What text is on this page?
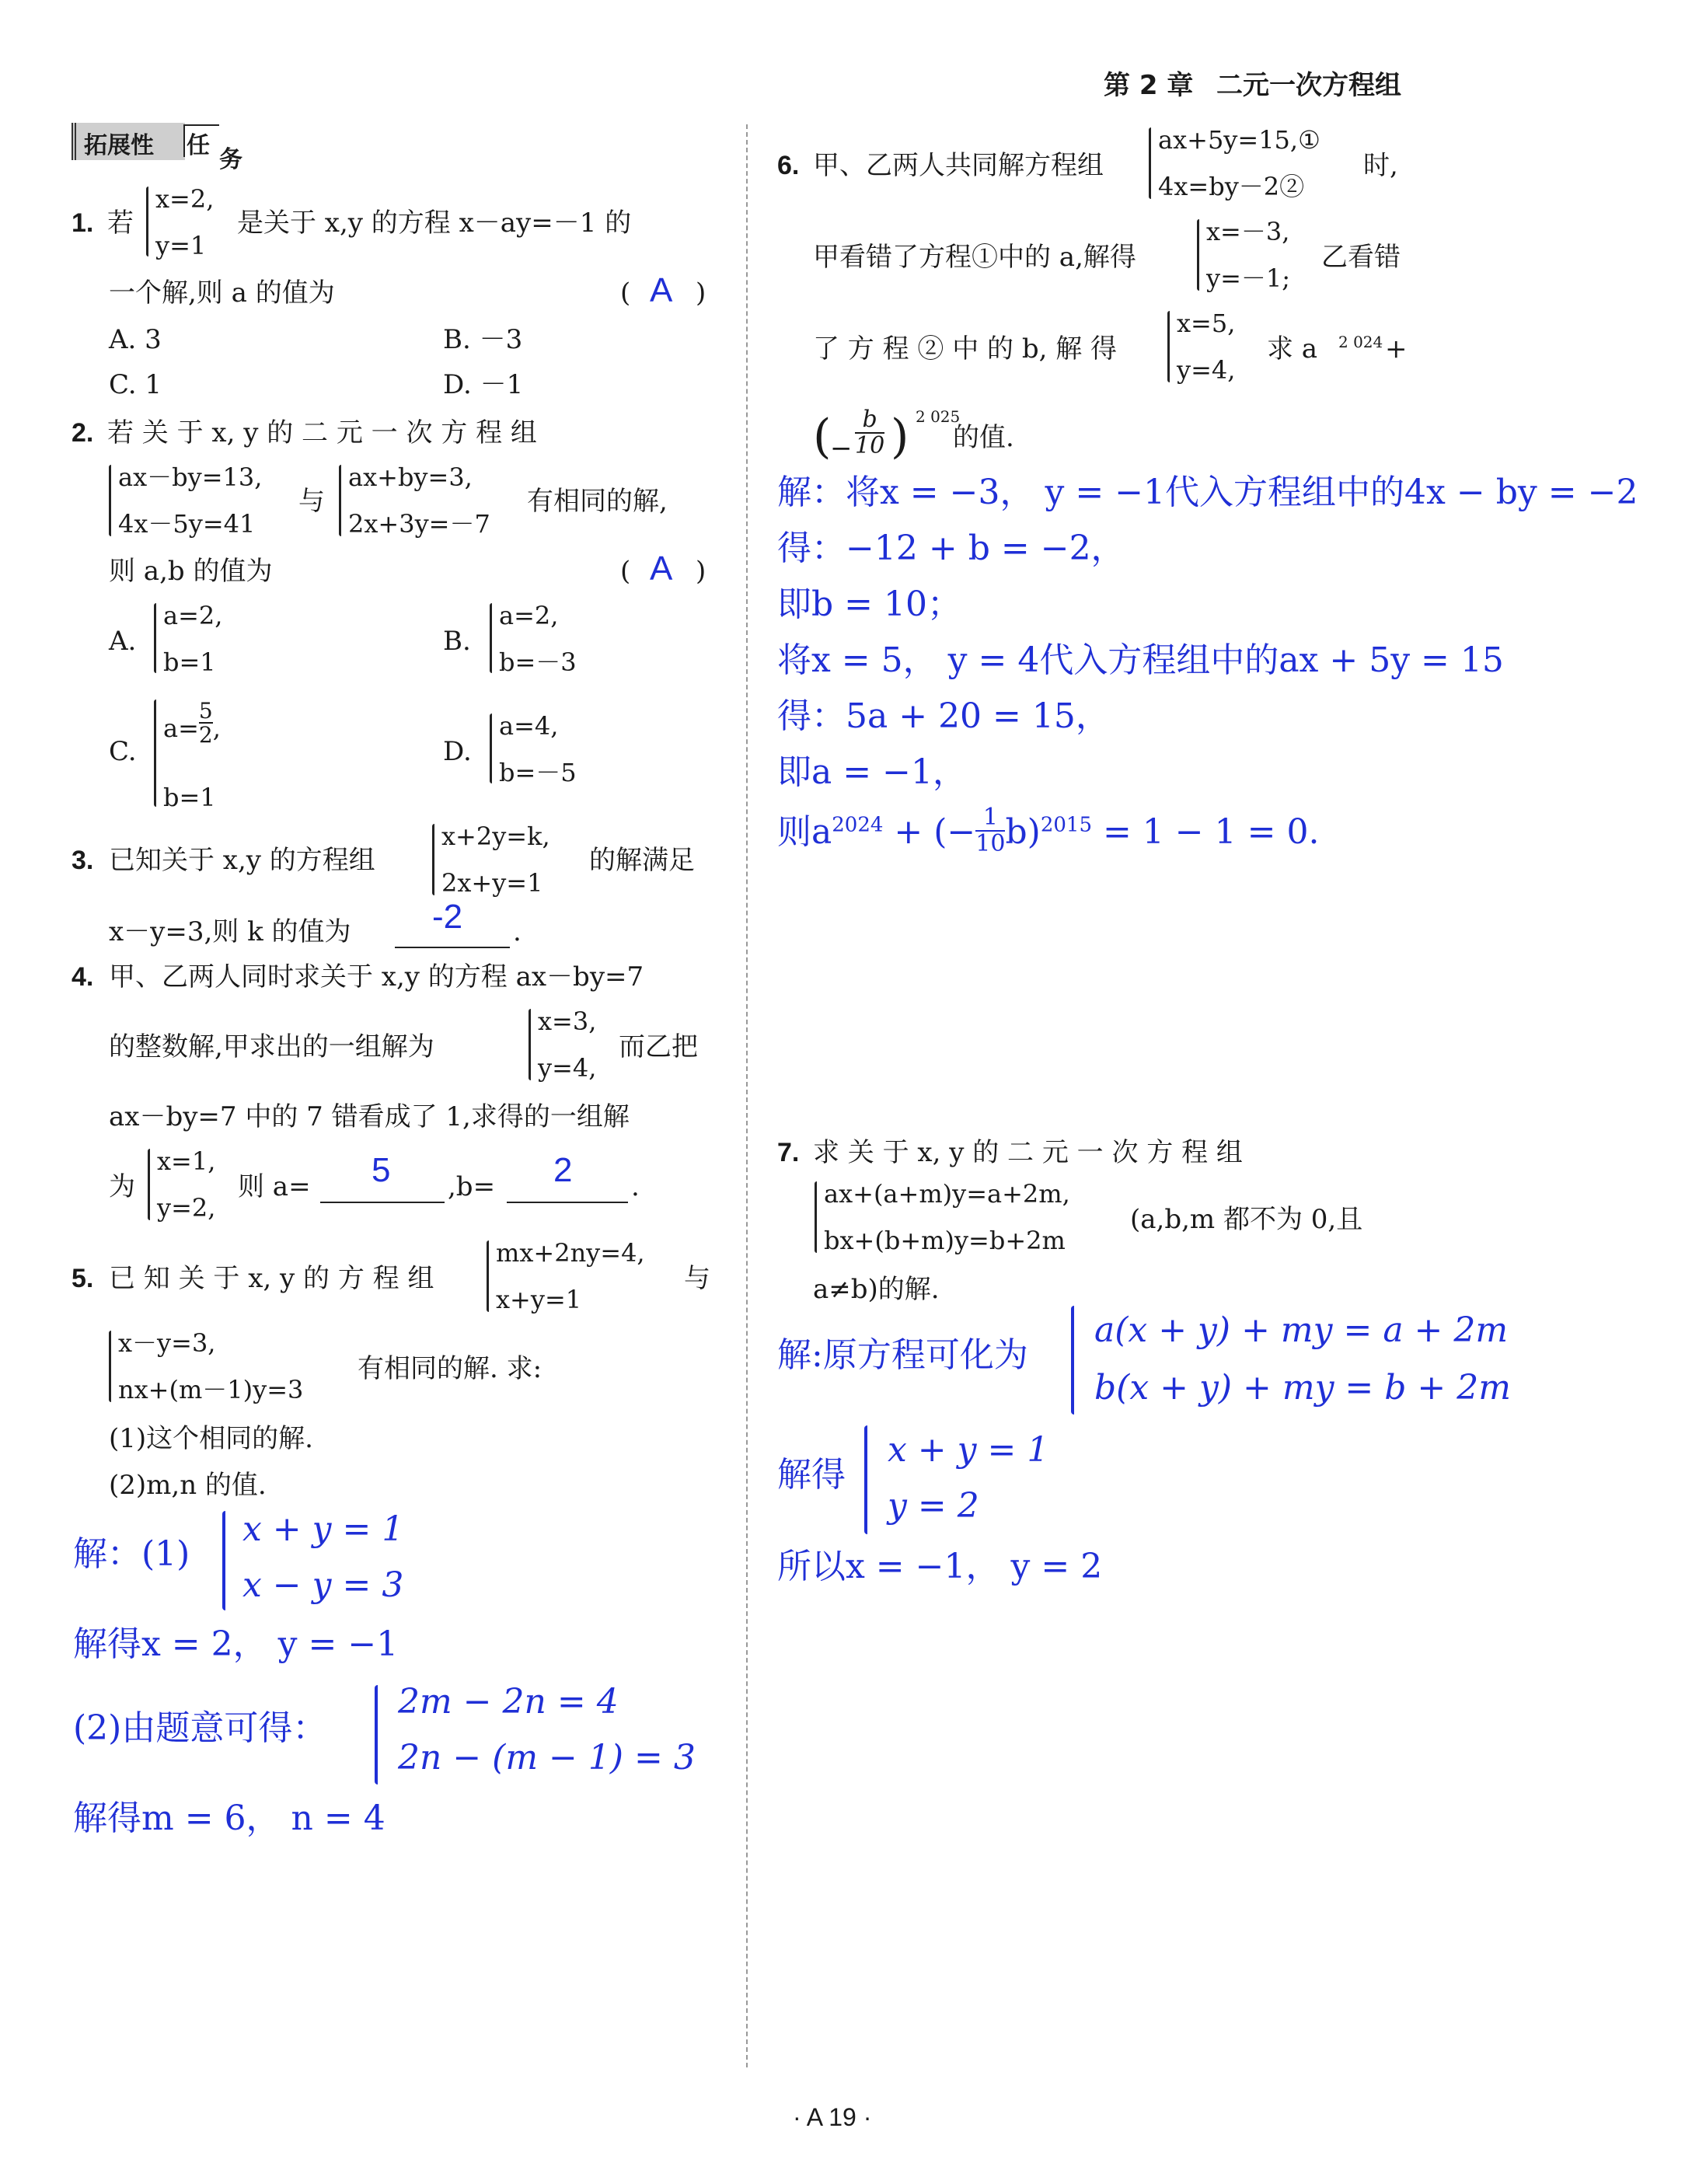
第 2 章 二元一次方程组
拓展 性 任
务
1. 若
x=2,
y=1
是关于 x,y 的方程 x－ay=－1 的
一个解,则 a 的值为	( A )
A. 3	B. －3
C. 1	D. －1
2. 若 关 于 x, y 的 二 元 一 次 方 程 组
ax－by=13,
4x－5y=41
与
ax+by=3,
2x+3y=－7
有相同的解,
则 a,b 的值为	( A )
A.
a=2,
b=1
B.
a=2,
b=－3
C.
$a= \frac{5}{2}$ ,
b=1
D.
a=4,
b=－5
3. 已知关于 x,y 的方程组
x+2y=k,
2x+y=1
的解满足
x－y=3,则 k 的值为 -2 .
4. 甲、乙两人同时求关于 x,y 的方程 ax－by=7
的整数解,甲求出的一组解为
x=3,
y=4,
而乙把
ax－by=7 中的 7 错看成了 1,求得的一组解
为
x=1,
y=2,
则 a= 5 ,b= 2 .
5. 已 知 关 于 x, y 的 方 程 组
mx+2ny=4,
x+y=1
与
x－y=3,
nx+(m－1)y=3
有相同的解. 求:
(1)这个相同的解.
(2)m,n 的值.
解：(1)
x + y = 1
x − y = 3
解得x = 2， y = −1
(2)由题意可得：
2m − 2n = 4
2n − (m − 1) = 3
解得m = 6， n = 4
6. 甲、乙两人共同解方程组
ax+5y=15,①
4x=by－2②
时,
甲看错了方程①中的 a,解得
x=－3,
y=－1;
乙看错
了 方 程 ② 中 的 b, 解 得
x=5,
y=4,
求 a 2 024 +
(
− $\frac{b}{10}$ ) 2 025
的值.
解：将x = −3， y = −1代入方程组中的4x − by = −2
得：−12 + b = −2，
即b = 10；
将x = 5， y = 4代入方程组中的ax + 5y = 15
得：5a + 20 = 15，
即a = −1，
则$a^{2024}$ + (− $\frac{1}{10} b)^{2015} = 1 - 1 = 0$.
7. 求 关 于 x, y 的 二 元 一 次 方 程 组
ax+(a+m)y=a+2m,
bx+(b+m)y=b+2m
(a,b,m 都不为 0,且
a≠b)的解.
解:原方程可化为
a(x + y) + my = a + 2m
b(x + y) + my = b + 2m
解得
x + y = 1
y = 2
所以x = −1， y = 2
· A 19 ·
